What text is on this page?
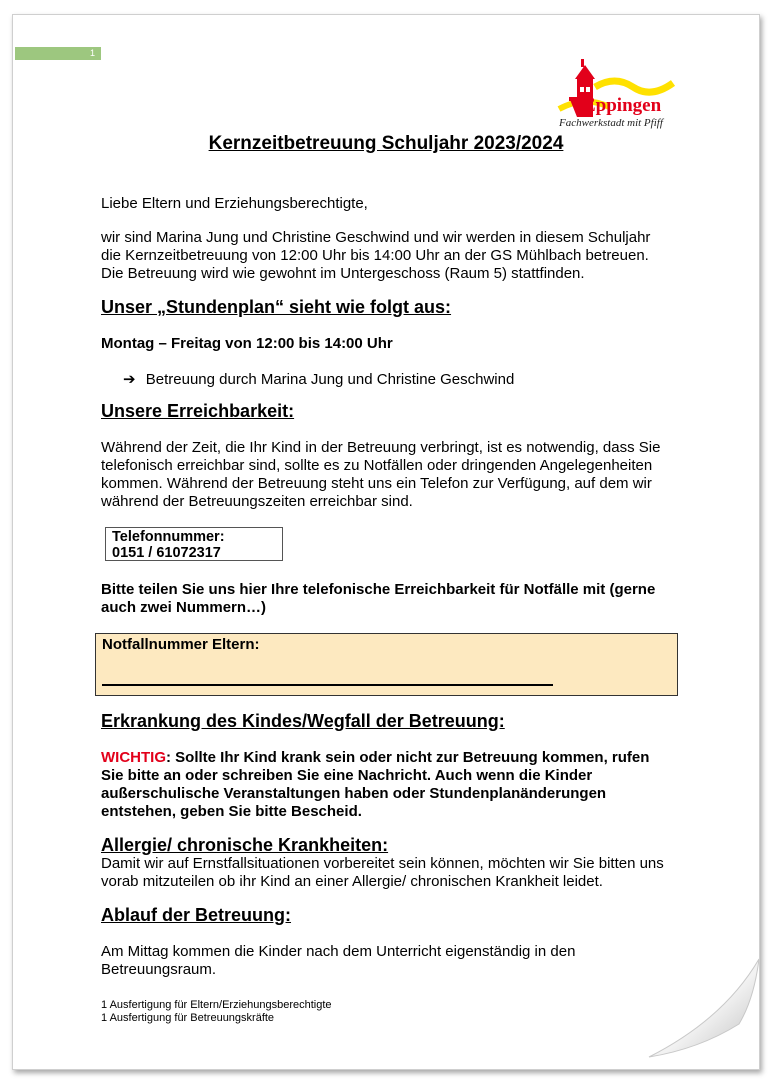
1
Eppingen
Fachwerkstadt mit Pfiff
Kernzeitbetreuung Schuljahr 2023/2024

Liebe Eltern und Erziehungsberechtigte,

wir sind Marina Jung und Christine Geschwind und wir werden in diesem Schuljahr
die Kernzeitbetreuung von 12:00 Uhr bis 14:00 Uhr an der GS Mühlbach betreuen.
Die Betreuung wird wie gewohnt im Untergeschoss (Raum 5) stattfinden.

Unser „Stundenplan“ sieht wie folgt aus:

Montag – Freitag von 12:00 bis 14:00 Uhr

➔ Betreuung durch Marina Jung und Christine Geschwind

Unsere Erreichbarkeit:

Während der Zeit, die Ihr Kind in der Betreuung verbringt, ist es notwendig, dass Sie
telefonisch erreichbar sind, sollte es zu Notfällen oder dringenden Angelegenheiten
kommen. Während der Betreuung steht uns ein Telefon zur Verfügung, auf dem wir
während der Betreuungszeiten erreichbar sind.

Telefonnummer:
0151 / 61072317

Bitte teilen Sie uns hier Ihre telefonische Erreichbarkeit für Notfälle mit (gerne
auch zwei Nummern…)

Notfallnummer Eltern:
Erkrankung des Kindes/Wegfall der Betreuung:

WICHTIG: Sollte Ihr Kind krank sein oder nicht zur Betreuung kommen, rufen
Sie bitte an oder schreiben Sie eine Nachricht. Auch wenn die Kinder
außerschulische Veranstaltungen haben oder Stundenplanänderungen
entstehen, geben Sie bitte Bescheid.

Allergie/ chronische Krankheiten:

Damit wir auf Ernstfallsituationen vorbereitet sein können, möchten wir Sie bitten uns
vorab mitzuteilen ob ihr Kind an einer Allergie/ chronischen Krankheit leidet.

Ablauf der Betreuung:

Am Mittag kommen die Kinder nach dem Unterricht eigenständig in den
Betreuungsraum.

1 Ausfertigung für Eltern/Erziehungsberechtigte
1 Ausfertigung für Betreuungskräfte
